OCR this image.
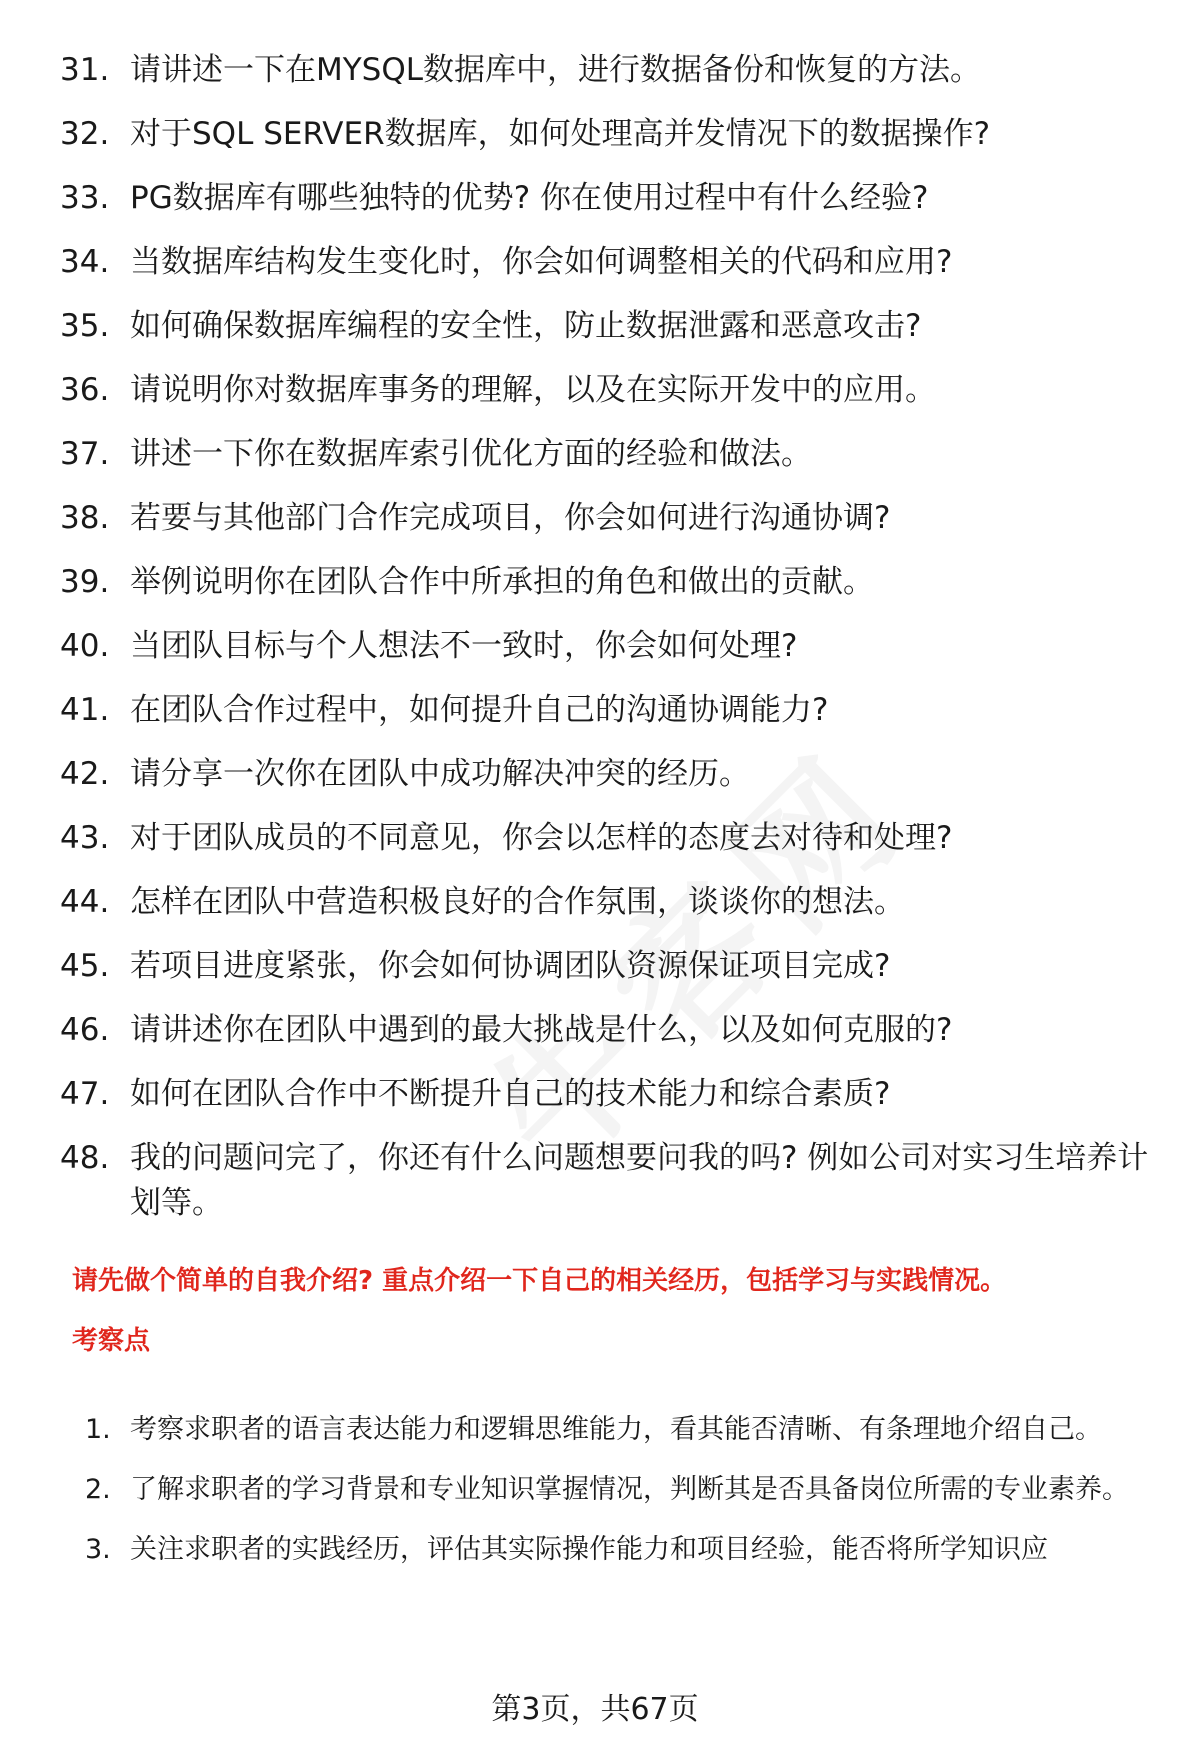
31. 请讲述一下在MYSQL数据库中，进行数据备份和恢复的方法。
32. 对于SQL SERVER数据库，如何处理高并发情况下的数据操作?
33. PG数据库有哪些独特的优势? 你在使用过程中有什么经验?
34. 当数据库结构发生变化时，你会如何调整相关的代码和应用?
35. 如何确保数据库编程的安全性，防止数据泄露和恶意攻击?
36. 请说明你对数据库事务的理解，以及在实际开发中的应用。
37. 讲述一下你在数据库索引优化方面的经验和做法。
38. 若要与其他部门合作完成项目，你会如何进行沟通协调?
39. 举例说明你在团队合作中所承担的角色和做出的贡献。
40. 当团队目标与个人想法不一致时，你会如何处理?
41. 在团队合作过程中，如何提升自己的沟通协调能力?
42. 请分享一次你在团队中成功解决冲突的经历。
43. 对于团队成员的不同意见，你会以怎样的态度去对待和处理?
44. 怎样在团队中营造积极良好的合作氛围，谈谈你的想法。
45. 若项目进度紧张，你会如何协调团队资源保证项目完成?
46. 请讲述你在团队中遇到的最大挑战是什么，以及如何克服的?
47. 如何在团队合作中不断提升自己的技术能力和综合素质?
48. 我的问题问完了，你还有什么问题想要问我的吗? 例如公司对实习生培养计划等。
请先做个简单的自我介绍? 重点介绍一下自己的相关经历，包括学习与实践情况。
考察点
1. 考察求职者的语言表达能力和逻辑思维能力，看其能否清晰、有条理地介绍自己。
2. 了解求职者的学习背景和专业知识掌握情况，判断其是否具备岗位所需的专业素养。
3. 关注求职者的实践经历，评估其实际操作能力和项目经验，能否将所学知识应
第3页，共67页
